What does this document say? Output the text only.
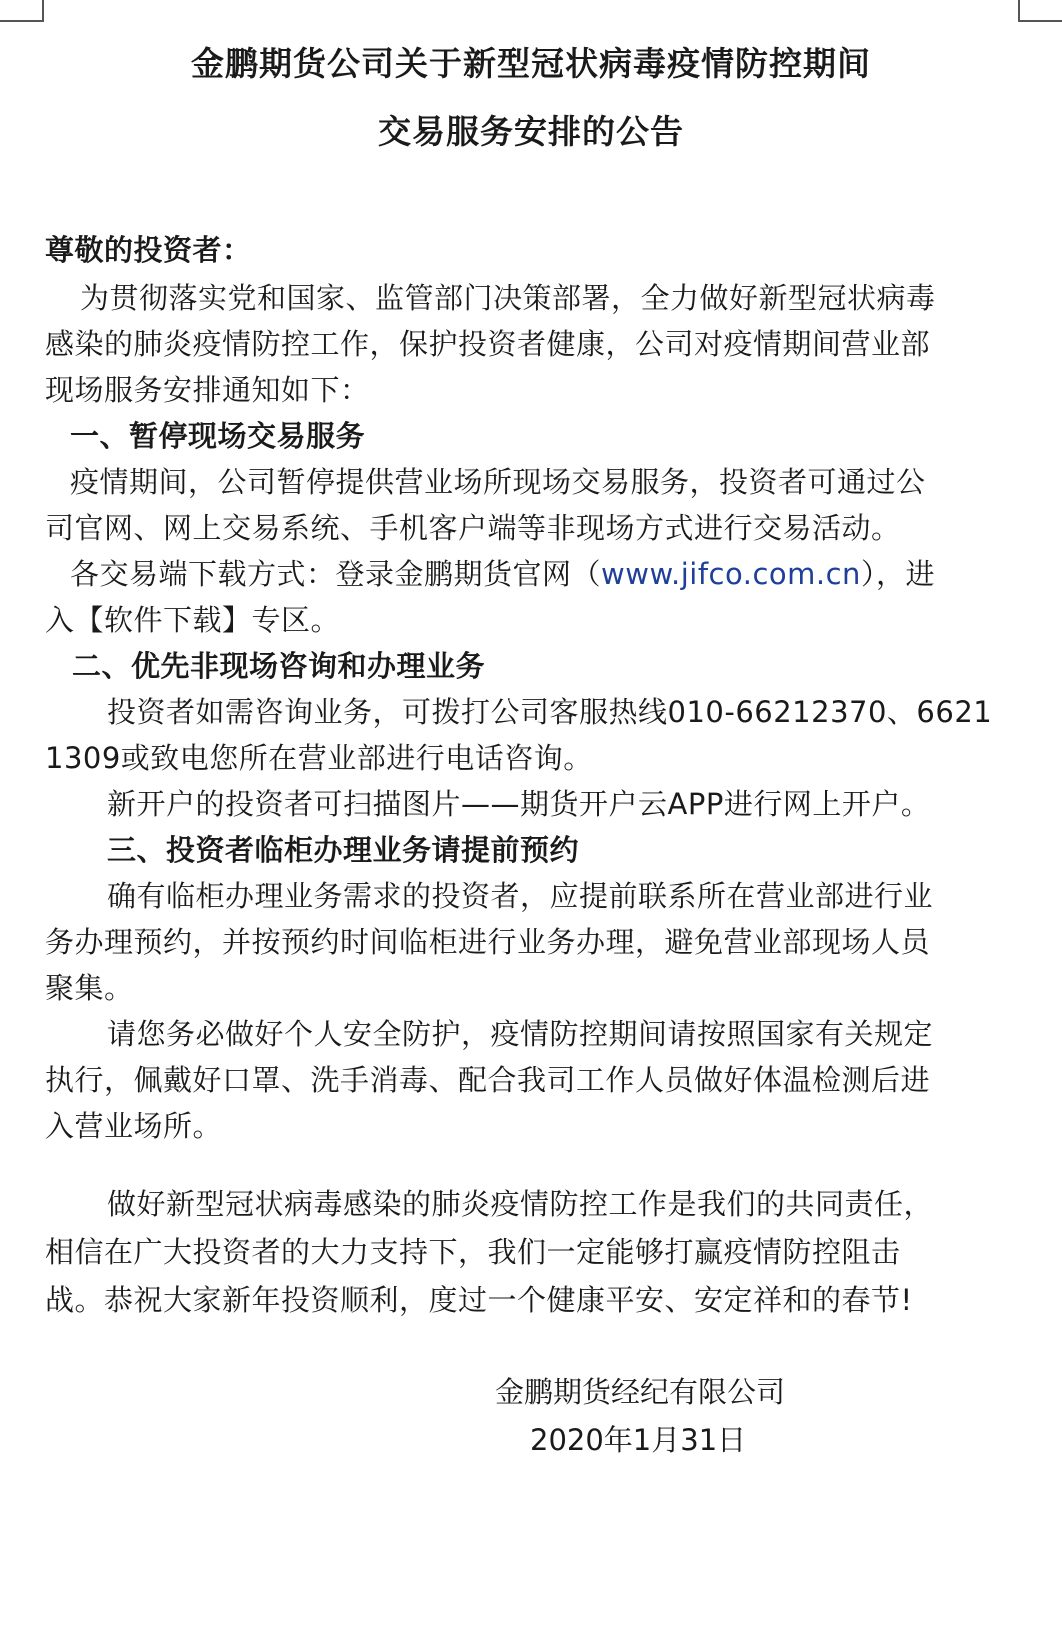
金鹏期货公司关于新型冠状病毒疫情防控期间
交易服务安排的公告
尊敬的投资者：
为贯彻落实党和国家、监管部门决策部署，全力做好新型冠状病毒
感染的肺炎疫情防控工作，保护投资者健康，公司对疫情期间营业部
现场服务安排通知如下：
一、暂停现场交易服务
疫情期间，公司暂停提供营业场所现场交易服务，投资者可通过公
司官网、网上交易系统、手机客户端等非现场方式进行交易活动。
各交易端下载方式：登录金鹏期货官网（www.jifco.com.cn），进
入【软件下载】专区。
二、优先非现场咨询和办理业务
投资者如需咨询业务，可拨打公司客服热线010-66212370、6621
1309或致电您所在营业部进行电话咨询。
新开户的投资者可扫描图片——期货开户云APP进行网上开户。
三、投资者临柜办理业务请提前预约
确有临柜办理业务需求的投资者，应提前联系所在营业部进行业
务办理预约，并按预约时间临柜进行业务办理，避免营业部现场人员
聚集。
请您务必做好个人安全防护，疫情防控期间请按照国家有关规定
执行，佩戴好口罩、洗手消毒、配合我司工作人员做好体温检测后进
入营业场所。
做好新型冠状病毒感染的肺炎疫情防控工作是我们的共同责任，
相信在广大投资者的大力支持下，我们一定能够打赢疫情防控阻击
战。恭祝大家新年投资顺利，度过一个健康平安、安定祥和的春节!
金鹏期货经纪有限公司
2020年1月31日
